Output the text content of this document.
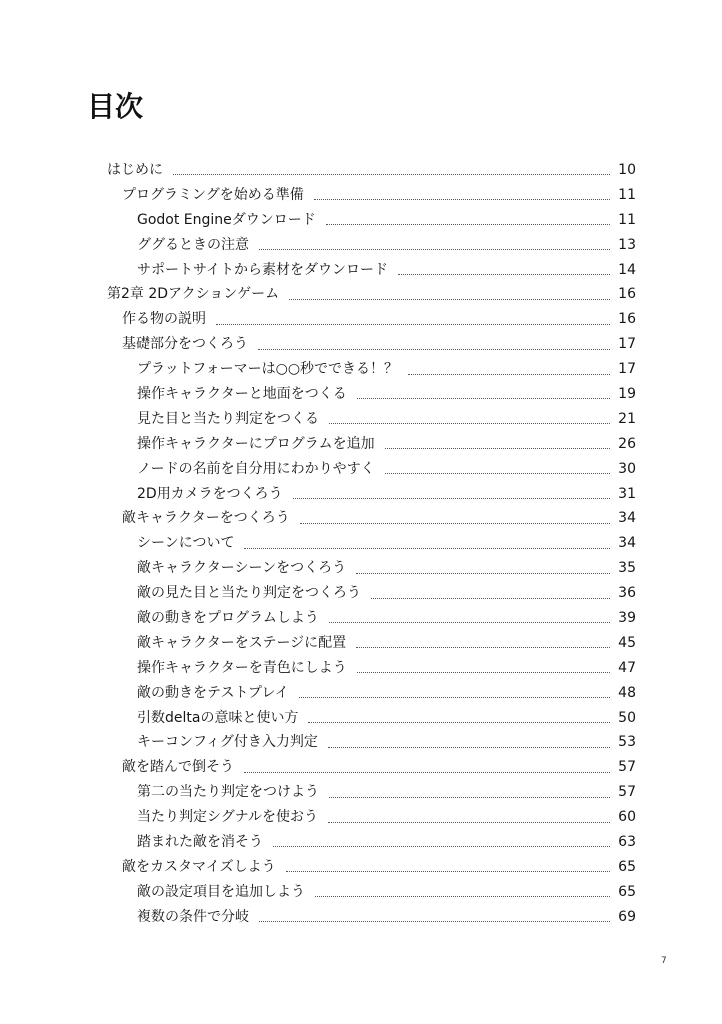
目次
はじめに	10
プログラミングを始める準備	11
Godot Engineダウンロード	11
ググるときの注意	13
サポートサイトから素材をダウンロード	14
第2章 2Dアクションゲーム	16
作る物の説明	16
基礎部分をつくろう	17
プラットフォーマーは○○秒でできる！？	17
操作キャラクターと地面をつくる	19
見た目と当たり判定をつくる	21
操作キャラクターにプログラムを追加	26
ノードの名前を自分用にわかりやすく	30
2D用カメラをつくろう	31
敵キャラクターをつくろう	34
シーンについて	34
敵キャラクターシーンをつくろう	35
敵の見た目と当たり判定をつくろう	36
敵の動きをプログラムしよう	39
敵キャラクターをステージに配置	45
操作キャラクターを青色にしよう	47
敵の動きをテストプレイ	48
引数deltaの意味と使い方	50
キーコンフィグ付き入力判定	53
敵を踏んで倒そう	57
第二の当たり判定をつけよう	57
当たり判定シグナルを使おう	60
踏まれた敵を消そう	63
敵をカスタマイズしよう	65
敵の設定項目を追加しよう	65
複数の条件で分岐	69
7
